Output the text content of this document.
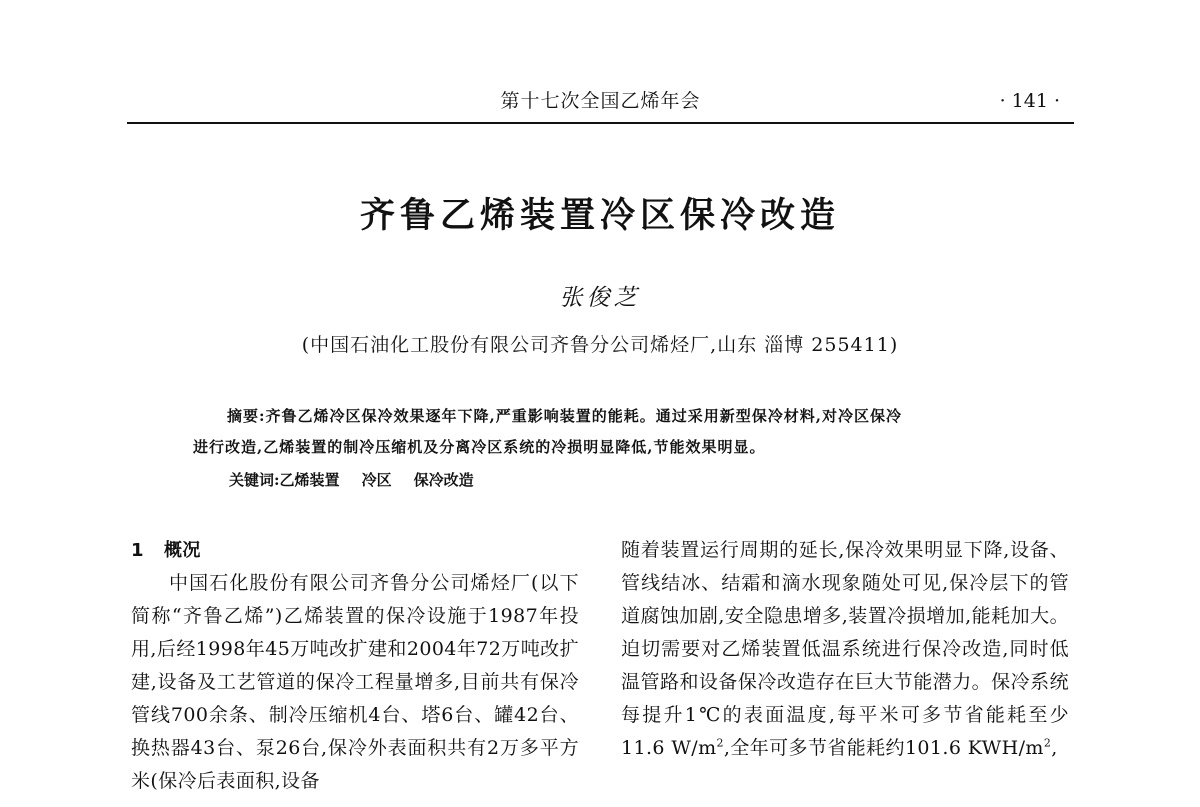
第十七次全国乙烯年会	· 141 ·
齐鲁乙烯装置冷区保冷改造
张俊芝
(中国石油化工股份有限公司齐鲁分公司烯烃厂,山东 淄博 255411)
摘要:齐鲁乙烯冷区保冷效果逐年下降,严重影响装置的能耗。通过采用新型保冷材料,对冷区保冷
进行改造,乙烯装置的制冷压缩机及分离冷区系统的冷损明显降低,节能效果明显。
关键词:乙烯装置 冷区 保冷改造
1 概况
中国石化股份有限公司齐鲁分公司烯烃厂(以下简称“齐鲁乙烯”)乙烯装置的保冷设施于1987年投用,后经1998年45万吨改扩建和2004年72万吨改扩建,设备及工艺管道的保冷工程量增多,目前共有保冷管线700余条、制冷压缩机4台、塔6台、罐42台、换热器43台、泵26台,保冷外表面积共有2万多平方米(保冷后表面积,设备
随着装置运行周期的延长,保冷效果明显下降,设备、管线结冰、结霜和滴水现象随处可见,保冷层下的管道腐蚀加剧,安全隐患增多,装置冷损增加,能耗加大。迫切需要对乙烯装置低温系统进行保冷改造,同时低温管路和设备保冷改造存在巨大节能潜力。保冷系统每提升1℃的表面温度,每平米可多节省能耗至少11.6 $W/m^2$,全年可多节省能耗约101.6 KWH/$m^2$,
